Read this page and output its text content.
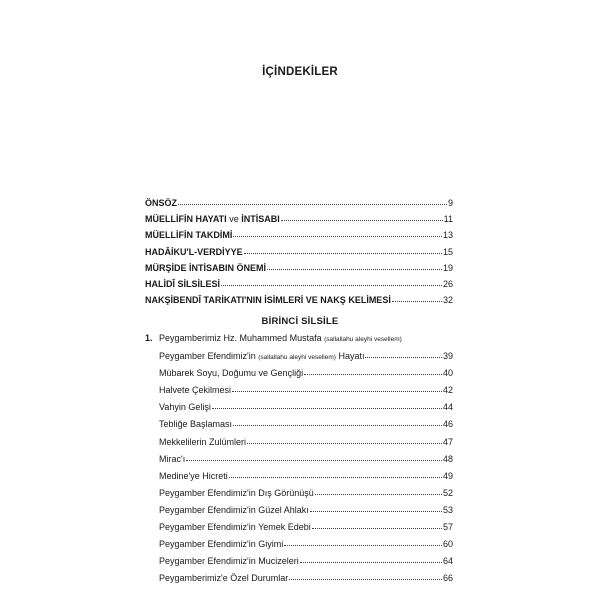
İÇİNDEKİLER
ÖNSÖZ	9
MÜELLİFİN HAYATI ve İNTİSABI	11
MÜELLİFİN TAKDİMİ	13
HADÂİKU'L-VERDİYYE	15
MÜRŞİDE İNTİSABIN ÖNEMİ	19
HALİDÎ SİLSİLESİ	26
NAKŞİBENDÎ TARİKATI'NIN İSİMLERİ VE NAKŞ KELİMESİ	32
BİRİNCİ SİLSİLE
1. Peygamberimiz Hz. Muhammed Mustafa (sallallahu aleyhi vesellem)
Peygamber Efendimiz'in (sallallahu aleyhi vesellem) Hayatı	39
Mübarek Soyu, Doğumu ve Gençliği	40
Halvete Çekilmesi	42
Vahyin Gelişi	44
Tebliğe Başlaması	46
Mekkelilerin Zulümleri	47
Mirac'ı	48
Medine'ye Hicreti	49
Peygamber Efendimiz'in Dış Görünüşü	52
Peygamber Efendimiz'in Güzel Ahlakı	53
Peygamber Efendimiz'in Yemek Edebi	57
Peygamber Efendimiz'in Giyimi	60
Peygamber Efendimiz'in Mucizeleri	64
Peygamberimiz'e Özel Durumlar	66
